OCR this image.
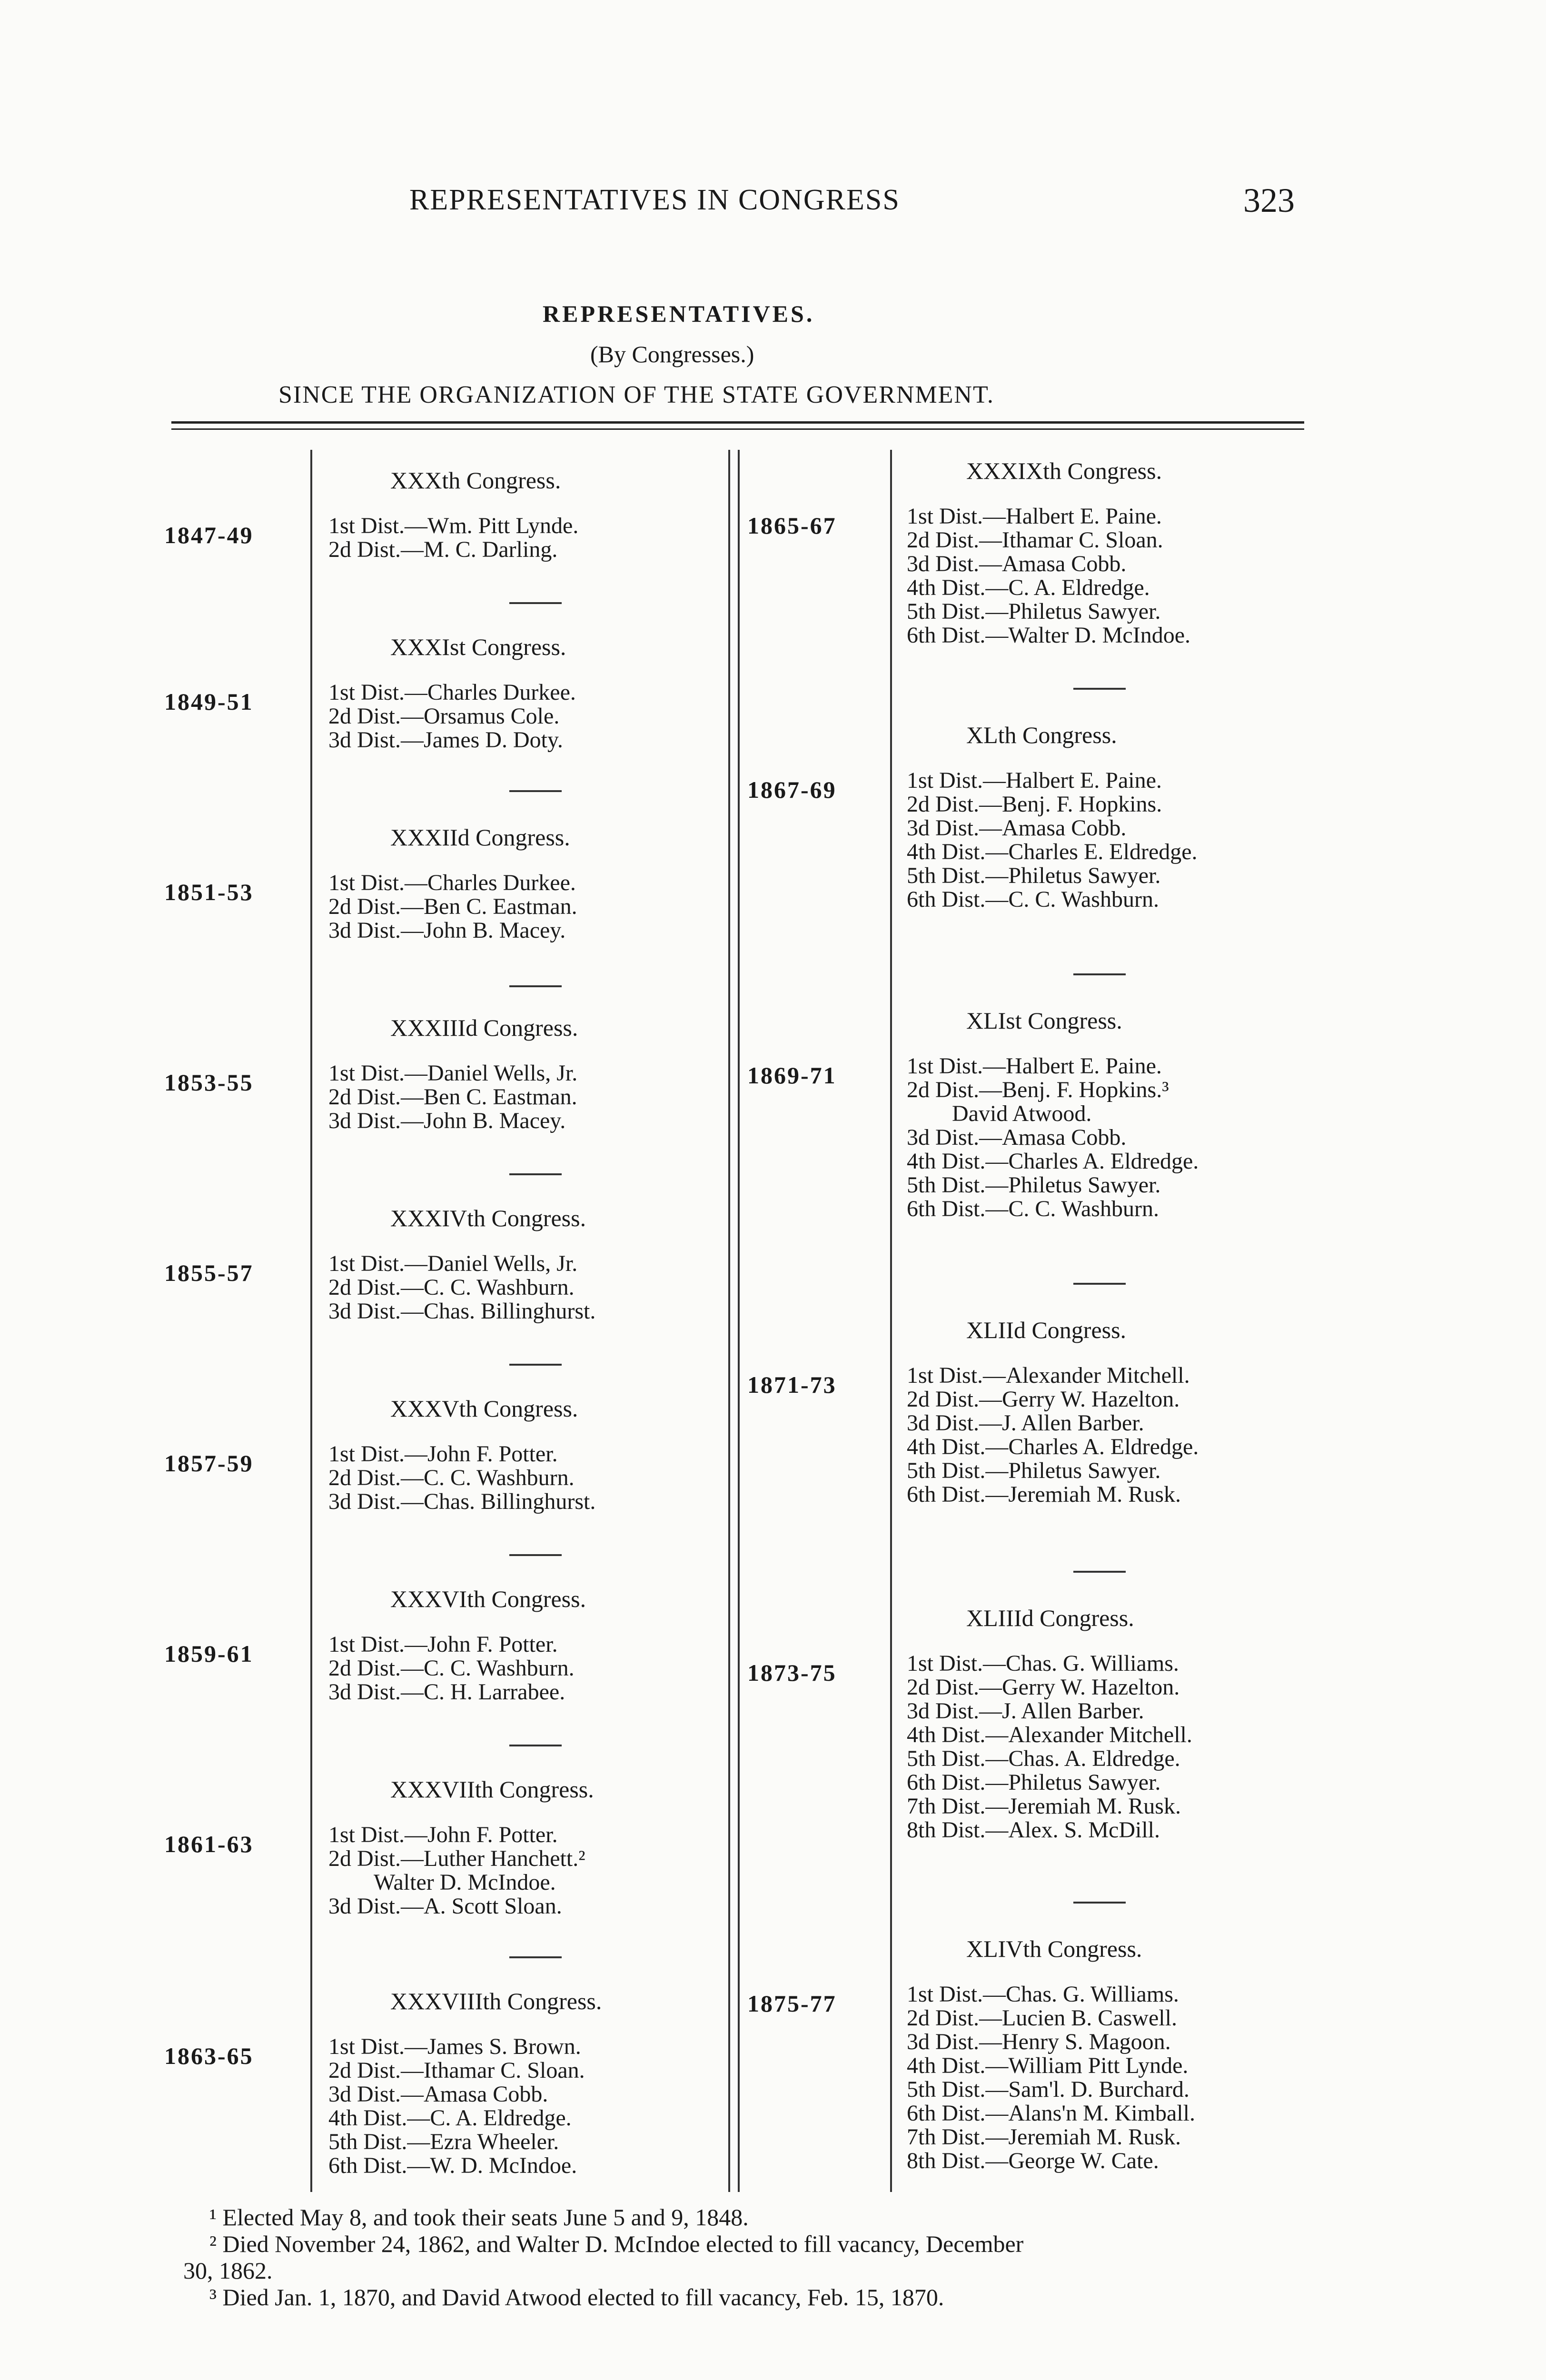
REPRESENTATIVES IN CONGRESS	323
REPRESENTATIVES.
(By Congresses.)
SINCE THE ORGANIZATION OF THE STATE GOVERNMENT.
XXXth Congress.
1847-49	1st Dist.—Wm. Pitt Lynde.
2d Dist.—M. C. Darling.
XXXIst Congress.
1849-51	1st Dist.—Charles Durkee.
2d Dist.—Orsamus Cole.
3d Dist.—James D. Doty.
XXXIId Congress.
1851-53	1st Dist.—Charles Durkee.
2d Dist.—Ben C. Eastman.
3d Dist.—John B. Macey.
XXXIIId Congress.
1853-55	1st Dist.—Daniel Wells, Jr.
2d Dist.—Ben C. Eastman.
3d Dist.—John B. Macey.
XXXIVth Congress.
1855-57	1st Dist.—Daniel Wells, Jr.
2d Dist.—C. C. Washburn.
3d Dist.—Chas. Billinghurst.
XXXVth Congress.
1857-59	1st Dist.—John F. Potter.
2d Dist.—C. C. Washburn.
3d Dist.—Chas. Billinghurst.
XXXVIth Congress.
1859-61	1st Dist.—John F. Potter.
2d Dist.—C. C. Washburn.
3d Dist.—C. H. Larrabee.
XXXVIIth Congress.
1861-63	1st Dist.—John F. Potter.
2d Dist.—Luther Hanchett.²
Walter D. McIndoe.
3d Dist.—A. Scott Sloan.
XXXVIIIth Congress.
1863-65	1st Dist.—James S. Brown.
2d Dist.—Ithamar C. Sloan.
3d Dist.—Amasa Cobb.
4th Dist.—C. A. Eldredge.
5th Dist.—Ezra Wheeler.
6th Dist.—W. D. McIndoe.
XXXIXth Congress.
1865-67	1st Dist.—Halbert E. Paine.
2d Dist.—Ithamar C. Sloan.
3d Dist.—Amasa Cobb.
4th Dist.—C. A. Eldredge.
5th Dist.—Philetus Sawyer.
6th Dist.—Walter D. McIndoe.
XLth Congress.
1867-69	1st Dist.—Halbert E. Paine.
2d Dist.—Benj. F. Hopkins.
3d Dist.—Amasa Cobb.
4th Dist.—Charles E. Eldredge.
5th Dist.—Philetus Sawyer.
6th Dist.—C. C. Washburn.
XLIst Congress.
1869-71	1st Dist.—Halbert E. Paine.
2d Dist.—Benj. F. Hopkins.³
David Atwood.
3d Dist.—Amasa Cobb.
4th Dist.—Charles A. Eldredge.
5th Dist.—Philetus Sawyer.
6th Dist.—C. C. Washburn.
XLIId Congress.
1871-73	1st Dist.—Alexander Mitchell.
2d Dist.—Gerry W. Hazelton.
3d Dist.—J. Allen Barber.
4th Dist.—Charles A. Eldredge.
5th Dist.—Philetus Sawyer.
6th Dist.—Jeremiah M. Rusk.
XLIIId Congress.
1873-75	1st Dist.—Chas. G. Williams.
2d Dist.—Gerry W. Hazelton.
3d Dist.—J. Allen Barber.
4th Dist.—Alexander Mitchell.
5th Dist.—Chas. A. Eldredge.
6th Dist.—Philetus Sawyer.
7th Dist.—Jeremiah M. Rusk.
8th Dist.—Alex. S. McDill.
XLIVth Congress.
1875-77	1st Dist.—Chas. G. Williams.
2d Dist.—Lucien B. Caswell.
3d Dist.—Henry S. Magoon.
4th Dist.—William Pitt Lynde.
5th Dist.—Sam'l. D. Burchard.
6th Dist.—Alans'n M. Kimball.
7th Dist.—Jeremiah M. Rusk.
8th Dist.—George W. Cate.
¹ Elected May 8, and took their seats June 5 and 9, 1848.
² Died November 24, 1862, and Walter D. McIndoe elected to fill vacancy, December
30, 1862.
³ Died Jan. 1, 1870, and David Atwood elected to fill vacancy, Feb. 15, 1870.
